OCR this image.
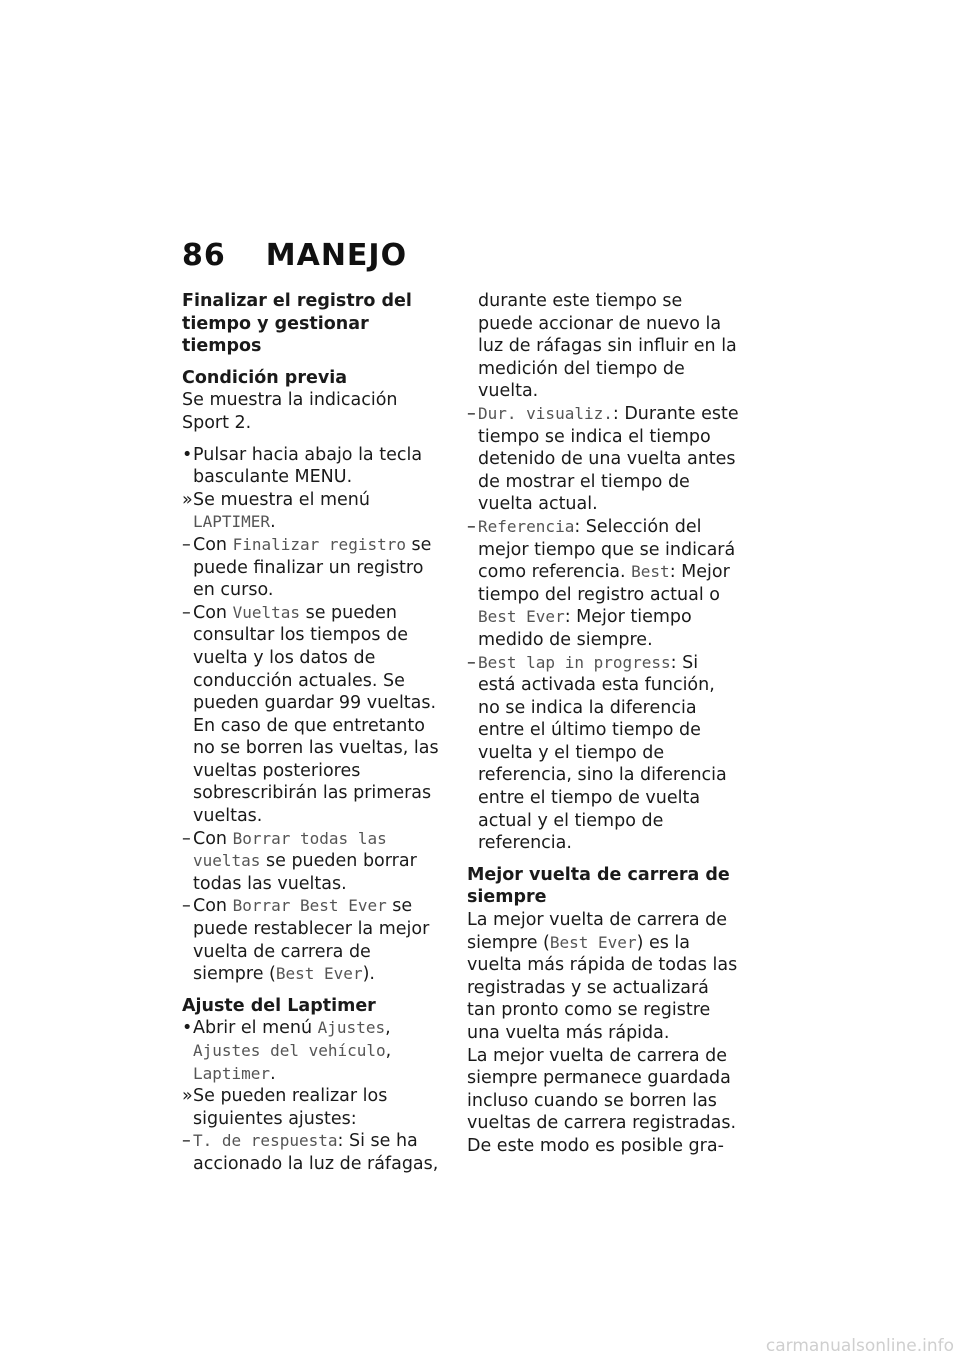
86 MANEJO

Finalizar el registro del tiempo y gestionar tiempos

Condición previa

Se muestra la indicación Sport 2.

• Pulsar hacia abajo la tecla basculante MENU.

» Se muestra el menú LAPTIMER.

– Con Finalizar registro se puede finalizar un registro en curso.

– Con Vueltas se pueden consultar los tiempos de vuelta y los datos de conducción actuales. Se pueden guardar 99 vueltas. En caso de que entretanto no se borren las vueltas, las vueltas posteriores sobrescribirán las primeras vueltas.

– Con Borrar todas las vueltas se pueden borrar todas las vueltas.

– Con Borrar Best Ever se puede restablecer la mejor vuelta de carrera de siempre (Best Ever).

Ajuste del Laptimer

• Abrir el menú Ajustes, Ajustes del vehículo, Laptimer.

» Se pueden realizar los siguientes ajustes:

– T. de respuesta: Si se ha accionado la luz de ráfagas,

durante este tiempo se puede accionar de nuevo la luz de ráfagas sin influir en la medición del tiempo de vuelta.

– Dur. visualiz.: Durante este tiempo se indica el tiempo detenido de una vuelta antes de mostrar el tiempo de vuelta actual.

– Referencia: Selección del mejor tiempo que se indicará como referencia. Best: Mejor tiempo del registro actual o Best Ever: Mejor tiempo medido de siempre.

– Best lap in progress: Si está activada esta función, no se indica la diferencia entre el último tiempo de vuelta y el tiempo de referencia, sino la diferencia entre el tiempo de vuelta actual y el tiempo de referencia.

Mejor vuelta de carrera de siempre

La mejor vuelta de carrera de siempre (Best Ever) es la vuelta más rápida de todas las registradas y se actualizará tan pronto como se registre una vuelta más rápida.

La mejor vuelta de carrera de siempre permanece guardada incluso cuando se borren las vueltas de carrera registradas.

De este modo es posible gra-

carmanualsonline.info
